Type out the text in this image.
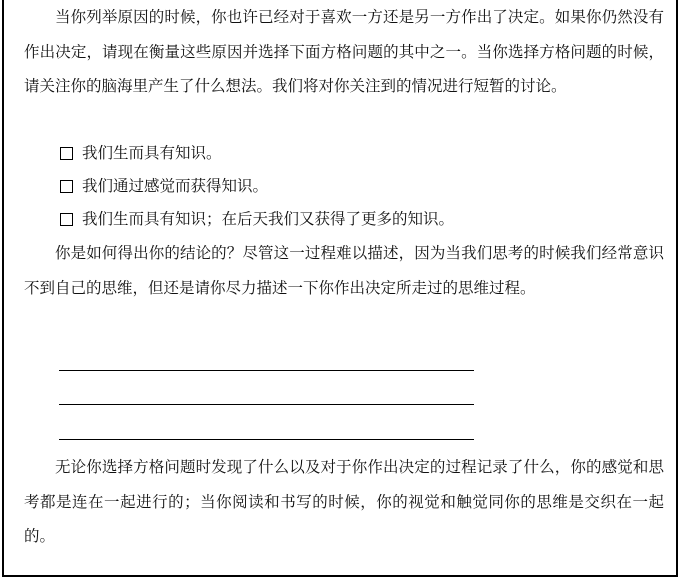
当你列举原因的时候，你也许已经对于喜欢一方还是另一方作出了决定。如果你仍然没有作出决定，请现在衡量这些原因并选择下面方格问题的其中之一。当你选择方格问题的时候，请关注你的脑海里产生了什么想法。我们将对你关注到的情况进行短暂的讨论。

我们生而具有知识。
我们通过感觉而获得知识。
我们生而具有知识；在后天我们又获得了更多的知识。

你是如何得出你的结论的？尽管这一过程难以描述，因为当我们思考的时候我们经常意识不到自己的思维，但还是请你尽力描述一下你作出决定所走过的思维过程。

无论你选择方格问题时发现了什么以及对于你作出决定的过程记录了什么，你的感觉和思考都是连在一起进行的；当你阅读和书写的时候，你的视觉和触觉同你的思维是交织在一起的。
